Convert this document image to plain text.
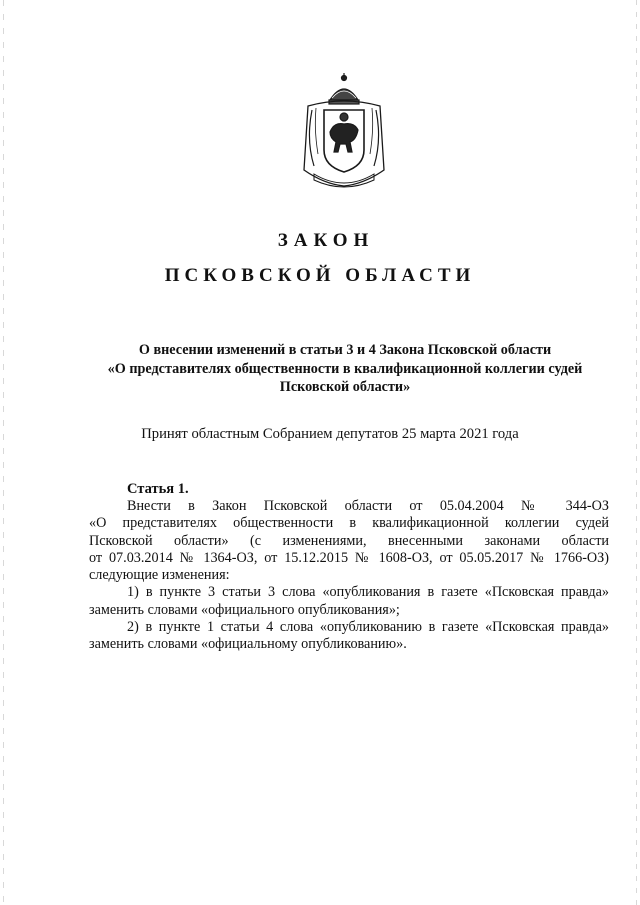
ЗАКОН
ПСКОВСКОЙ ОБЛАСТИ
О внесении изменений в статьи 3 и 4 Закона Псковской области
«О представителях общественности в квалификационной коллегии судей
Псковской области»
Принят областным Собранием депутатов 25 марта 2021 года
Статья 1.
Внести в Закон Псковской области от 05.04.2004 № 344-ОЗ
«О представителях общественности в квалификационной коллегии судей
Псковской области» (с изменениями, внесенными законами области
от 07.03.2014 № 1364-ОЗ, от 15.12.2015 № 1608-ОЗ, от 05.05.2017 № 1766-ОЗ)
следующие изменения:
1) в пункте 3 статьи 3 слова «опубликования в газете «Псковская правда»
заменить словами «официального опубликования»;
2) в пункте 1 статьи 4 слова «опубликованию в газете «Псковская правда»
заменить словами «официальному опубликованию».
